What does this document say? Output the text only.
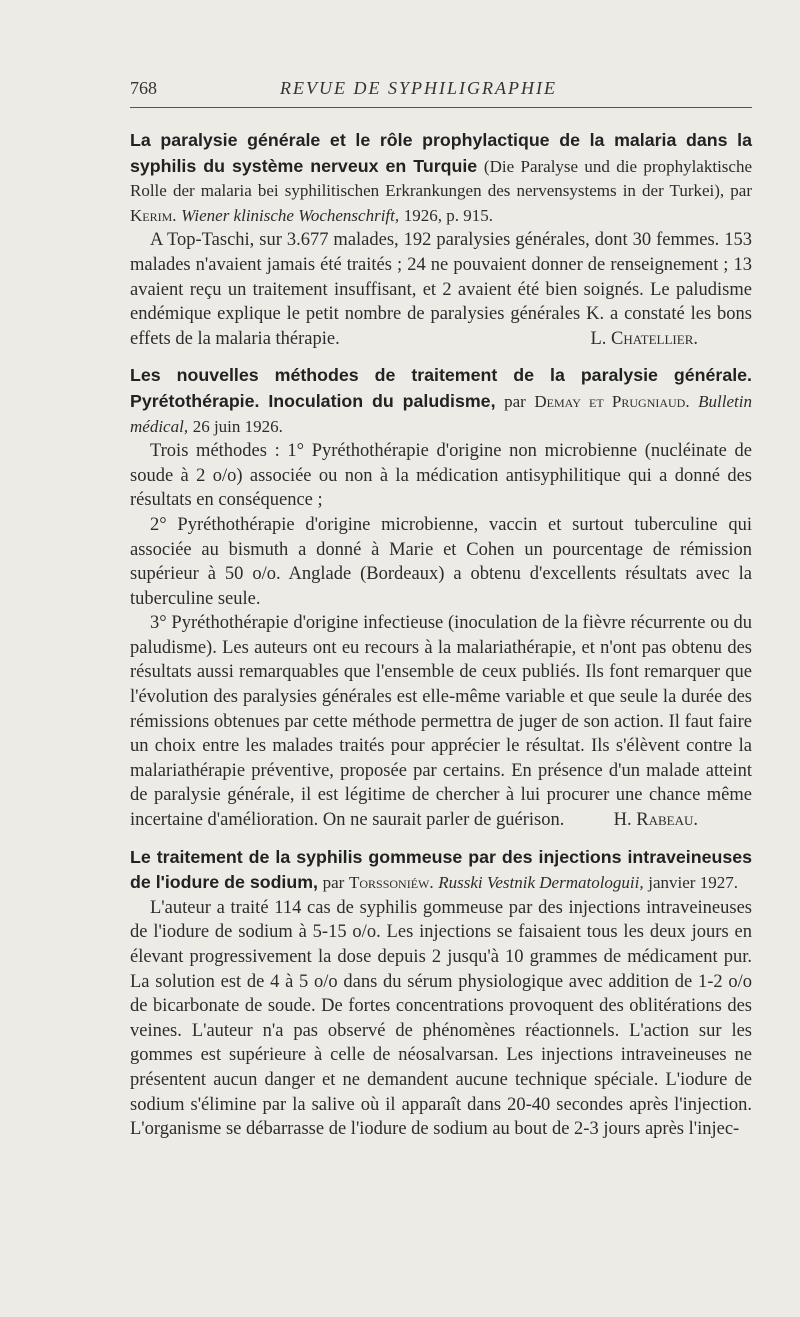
768	REVUE DE SYPHILIGRAPHIE

La paralysie générale et le rôle prophylactique de la malaria dans la syphilis du système nerveux en Turquie (Die Paralyse und die prophylaktische Rolle der malaria bei syphilitischen Erkrankungen des nervensystems in der Turkei), par Kerim. Wiener klinische Wochenschrift, 1926, p. 915.

A Top-Taschi, sur 3.677 malades, 192 paralysies générales, dont 30 femmes. 153 malades n'avaient jamais été traités ; 24 ne pouvaient donner de renseignement ; 13 avaient reçu un traitement insuffisant, et 2 avaient été bien soignés. Le paludisme endémique explique le petit nombre de paralysies générales K. a constaté les bons effets de la malaria thérapie.	L. Chatellier.

Les nouvelles méthodes de traitement de la paralysie générale. Pyrétothérapie. Inoculation du paludisme, par Demay et Prugniaud. Bulletin médical, 26 juin 1926.

Trois méthodes : 1° Pyréthothérapie d'origine non microbienne (nucléinate de soude à 2 o/o) associée ou non à la médication antisyphilitique qui a donné des résultats en conséquence ;

2° Pyréthothérapie d'origine microbienne, vaccin et surtout tuberculine qui associée au bismuth a donné à Marie et Cohen un pourcentage de rémission supérieur à 50 o/o. Anglade (Bordeaux) a obtenu d'excellents résultats avec la tuberculine seule.

3° Pyréthothérapie d'origine infectieuse (inoculation de la fièvre récurrente ou du paludisme). Les auteurs ont eu recours à la malariathérapie, et n'ont pas obtenu des résultats aussi remarquables que l'ensemble de ceux publiés. Ils font remarquer que l'évolution des paralysies générales est elle-même variable et que seule la durée des rémissions obtenues par cette méthode permettra de juger de son action. Il faut faire un choix entre les malades traités pour apprécier le résultat. Ils s'élèvent contre la malariathérapie préventive, proposée par certains. En présence d'un malade atteint de paralysie générale, il est légitime de chercher à lui procurer une chance même incertaine d'amélioration. On ne saurait parler de guérison.	H. Rabeau.

Le traitement de la syphilis gommeuse par des injections intraveineuses de l'iodure de sodium, par Torssoniéw. Russki Vestnik Dermatologuii, janvier 1927.

L'auteur a traité 114 cas de syphilis gommeuse par des injections intraveineuses de l'iodure de sodium à 5-15 o/o. Les injections se faisaient tous les deux jours en élevant progressivement la dose depuis 2 jusqu'à 10 grammes de médicament pur. La solution est de 4 à 5 o/o dans du sérum physiologique avec addition de 1-2 o/o de bicarbonate de soude. De fortes concentrations provoquent des oblitérations des veines. L'auteur n'a pas observé de phénomènes réactionnels. L'action sur les gommes est supérieure à celle de néosalvarsan. Les injections intraveineuses ne présentent aucun danger et ne demandent aucune technique spéciale. L'iodure de sodium s'élimine par la salive où il apparaît dans 20-40 secondes après l'injection. L'organisme se débarrasse de l'iodure de sodium au bout de 2-3 jours après l'injec-
